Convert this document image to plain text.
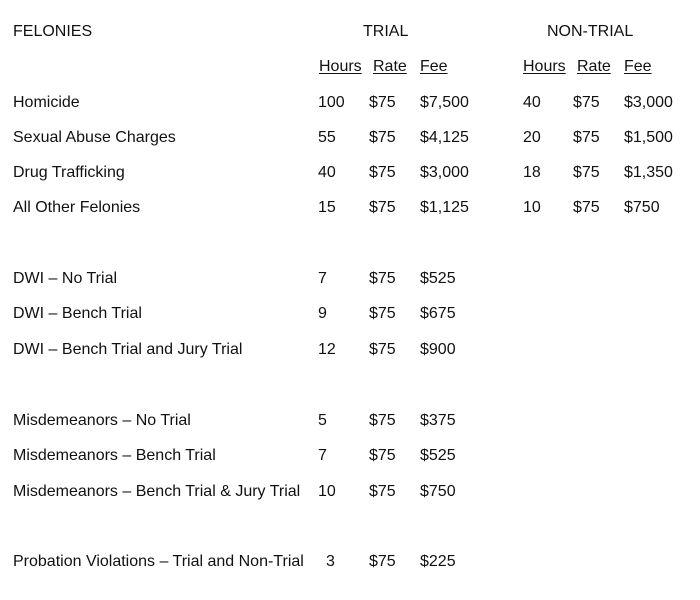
FELONIES	TRIAL	NON-TRIAL
Hours Rate Fee	Hours Rate Fee
Homicide	100 $75 $7,500	40 $75 $3,000
Sexual Abuse Charges	55 $75 $4,125	20 $75 $1,500
Drug Trafficking	40 $75 $3,000	18 $75 $1,350
All Other Felonies	15 $75 $1,125	10 $75 $750
DWI – No Trial	7	$75 $525
DWI – Bench Trial	9	$75 $675
DWI – Bench Trial and Jury Trial	12 $75 $900
Misdemeanors – No Trial	5	$75 $375
Misdemeanors – Bench Trial	7	$75 $525
Misdemeanors – Bench Trial & Jury Trial 10 $75 $750
Probation Violations – Trial and Non-Trial 3 $75 $225
